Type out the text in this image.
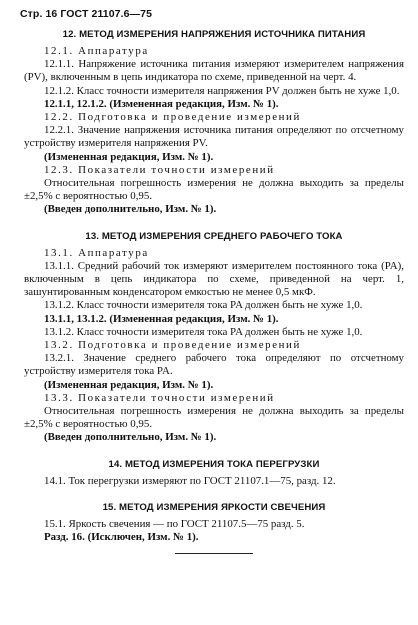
Стр. 16 ГОСТ 21107.6—75
12. МЕТОД ИЗМЕРЕНИЯ НАПРЯЖЕНИЯ ИСТОЧНИКА ПИТАНИЯ

12.1. Аппаратура

12.1.1. Напряжение источника питания измеряют измерителем напряжения (PV), включенным в цепь индикатора по схеме, приведенной на черт. 4.

12.1.2. Класс точности измерителя напряжения PV должен быть не хуже 1,0.

12.1.1, 12.1.2. (Измененная редакция, Изм. № 1).

12.2. Подготовка и проведение измерений

12.2.1. Значение напряжения источника питания определяют по отсчетному устройству измерителя напряжения PV.

(Измененная редакция, Изм. № 1).

12.3. Показатели точности измерений

Относительная погрешность измерения не должна выходить за пределы ±2,5% с вероятностью 0,95.

(Введен дополнительно, Изм. № 1).

13. МЕТОД ИЗМЕРЕНИЯ СРЕДНЕГО РАБОЧЕГО ТОКА

13.1. Аппаратура

13.1.1. Средний рабочий ток измеряют измерителем постоянного тока (PA), включенным в цепь индикатора по схеме, приведенной на черт. 1, зашунтированным конденсатором емкостью не менее 0,5 мкФ.

13.1.2. Класс точности измерителя тока PA должен быть не хуже 1,0.

13.1.1, 13.1.2. (Измененная редакция, Изм. № 1).

13.1.2. Класс точности измерителя тока PA должен быть не хуже 1,0.

13.2. Подготовка и проведение измерений

13.2.1. Значение среднего рабочего тока определяют по отсчетному устройству измерителя тока PA.

(Измененная редакция, Изм. № 1).

13.3. Показатели точности измерений

Относительная погрешность измерения не должна выходить за пределы ±2,5% с вероятностью 0,95.

(Введен дополнительно, Изм. № 1).

14. МЕТОД ИЗМЕРЕНИЯ ТОКА ПЕРЕГРУЗКИ

14.1. Ток перегрузки измеряют по ГОСТ 21107.1—75, разд. 12.

15. МЕТОД ИЗМЕРЕНИЯ ЯРКОСТИ СВЕЧЕНИЯ

15.1. Яркость свечения — по ГОСТ 21107.5—75 разд. 5.

Разд. 16. (Исключен, Изм. № 1).
